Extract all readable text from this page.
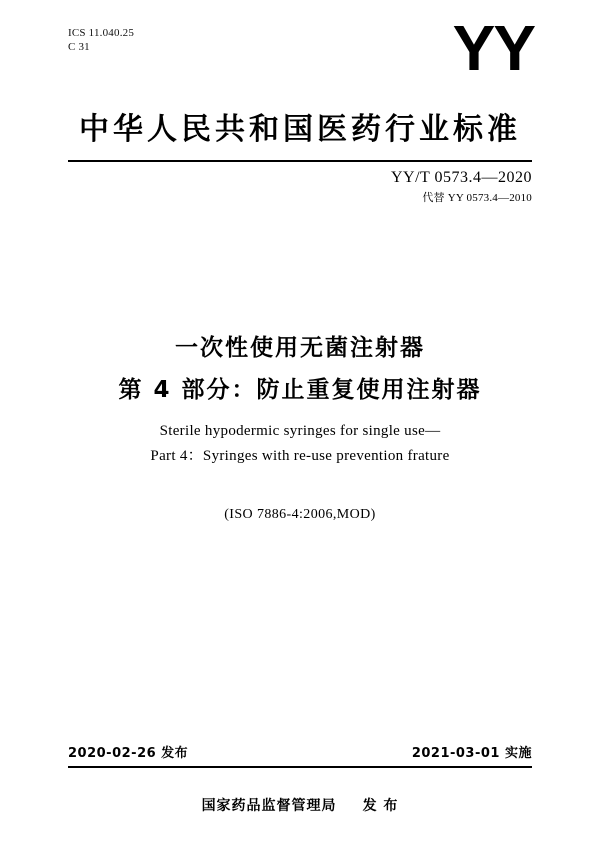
ICS 11.040.25
C 31	YY
中华人民共和国医药行业标准
YY/T 0573.4—2020
代替 YY 0573.4—2010
一次性使用无菌注射器
第 4 部分：防止重复使用注射器
Sterile hypodermic syringes for single use—
Part 4：Syringes with re-use prevention frature
(ISO 7886-4:2006,MOD)
2020-02-26 发布	2021-03-01 实施
国家药品监督管理局 发 布
